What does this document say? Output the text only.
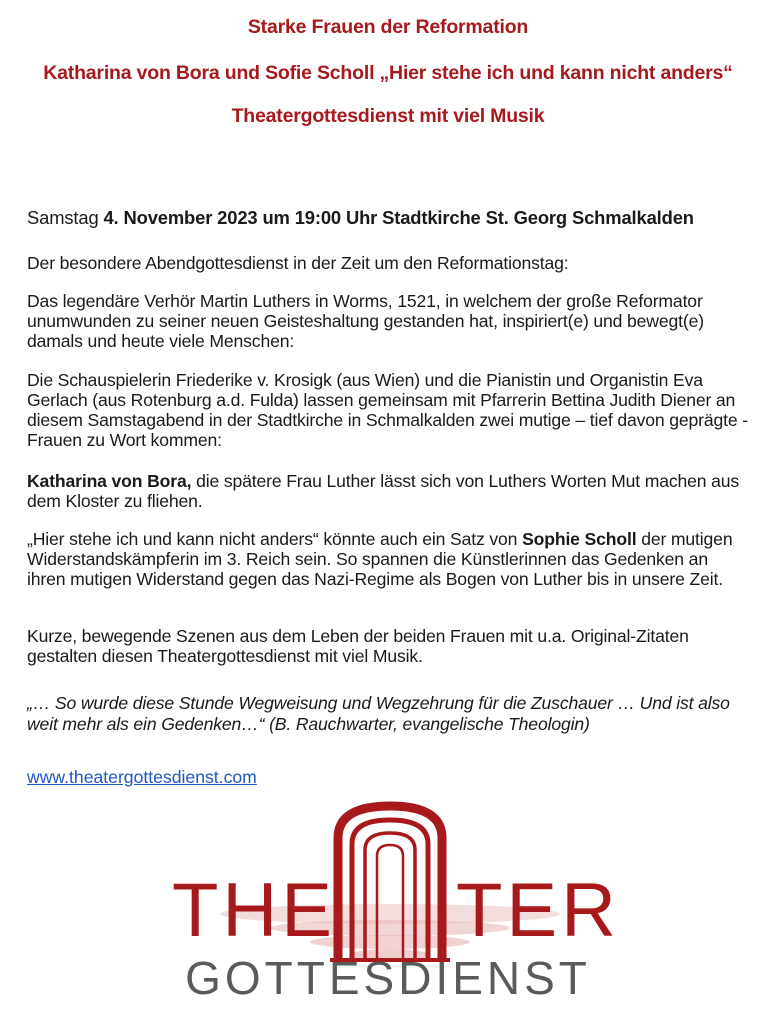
Starke Frauen der Reformation
Katharina von Bora und Sofie Scholl „Hier stehe ich und kann nicht anders“
Theatergottesdienst mit viel Musik

Samstag 4. November 2023 um 19:00 Uhr Stadtkirche St. Georg Schmalkalden

Der besondere Abendgottesdienst in der Zeit um den Reformationstag:

Das legendäre Verhör Martin Luthers in Worms, 1521, in welchem der große Reformator unumwunden zu seiner neuen Geisteshaltung gestanden hat, inspiriert(e) und bewegt(e) damals und heute viele Menschen:

Die Schauspielerin Friederike v. Krosigk (aus Wien) und die Pianistin und Organistin Eva Gerlach (aus Rotenburg a.d. Fulda) lassen gemeinsam mit Pfarrerin Bettina Judith Diener an diesem Samstagabend in der Stadtkirche in Schmalkalden zwei mutige – tief davon geprägte - Frauen zu Wort kommen:

Katharina von Bora, die spätere Frau Luther lässt sich von Luthers Worten Mut machen aus dem Kloster zu fliehen.

„Hier stehe ich und kann nicht anders“ könnte auch ein Satz von Sophie Scholl der mutigen Widerstandskämpferin im 3. Reich sein. So spannen die Künstlerinnen das Gedenken an ihren mutigen Widerstand gegen das Nazi-Regime als Bogen von Luther bis in unsere Zeit.

Kurze, bewegende Szenen aus dem Leben der beiden Frauen mit u.a. Original-Zitaten gestalten diesen Theatergottesdienst mit viel Musik.

„… So wurde diese Stunde Wegweisung und Wegzehrung für die Zuschauer … Und ist also weit mehr als ein Gedenken…“ (B. Rauchwarter, evangelische Theologin)

www.theatergottesdienst.com
THE TER
GOTTESDIENST
